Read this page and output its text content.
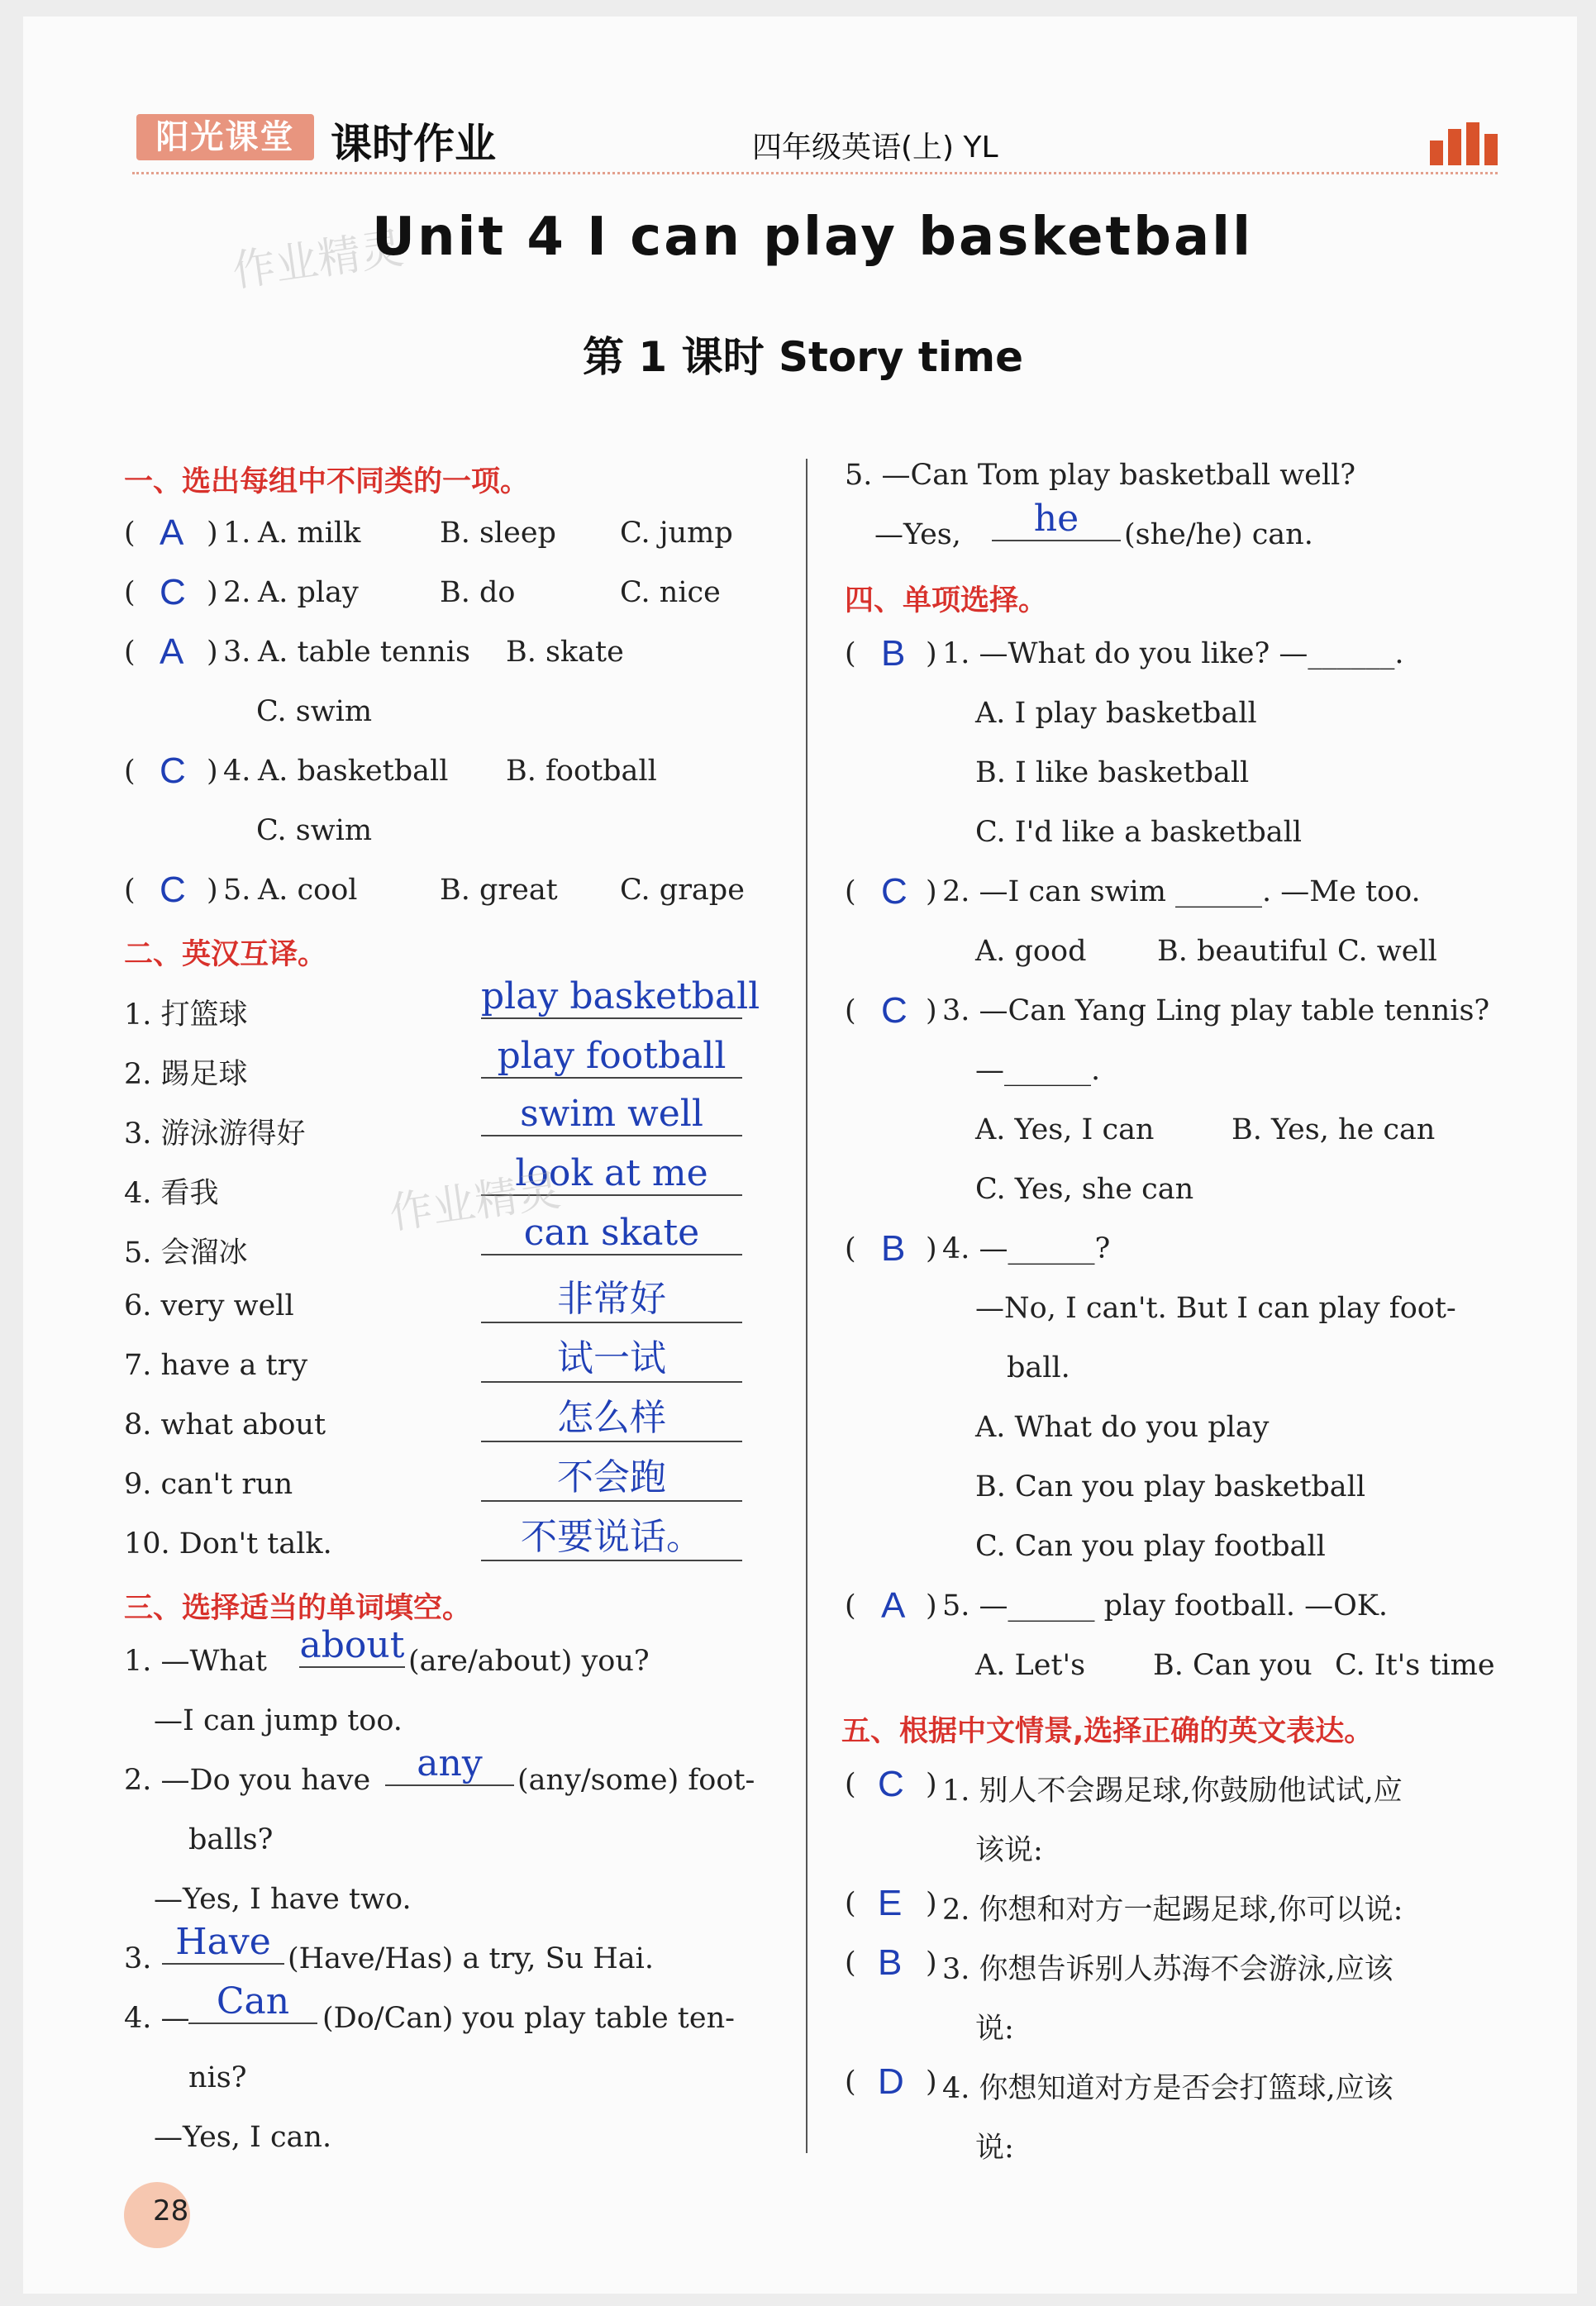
阳光课堂 课时作业	四年级英语(上) YL
作业精灵
Unit 4 I can play basketball
第 1 课时 Story time
一、选出每组中不同类的一项。
( A ) 1. A. milk	B. sleep C. jump
( C ) 2. A. play	B. do	C. nice
( A ) 3. A. table tennis B. skate
C. swim
( C ) 4. A. basketball B. football
C. swim
( C ) 5. A. cool	B. great C. grape
二、英汉互译。
1. 打篮球	play basketball
2. 踢足球	play football
3. 游泳游得好	swim well
4. 看我	look at me
5. 会溜冰	can skate
6. very well	非常好
7. have a try	试一试
8. what about	怎么样
9. can't run	不会跑
10. Don't talk.	不要说话。
作业精灵
三、选择适当的单词填空。
1. —What about (are/about) you?
—I can jump too.
2. —Do you have	any	(any/some) foot-
balls?
—Yes, I have two.
3. Have (Have/Has) a try, Su Hai.
4. — Can	(Do/Can) you play table ten-
nis?
—Yes, I can.
5. —Can Tom play basketball well?
—Yes,	he	(she/he) can.
四、单项选择。
( B ) 1. —What do you like? —______.
A. I play basketball
B. I like basketball
C. I'd like a basketball
( C ) 2. —I can swim ______. —Me too.
A. good B. beautiful C. well
( C ) 3. —Can Yang Ling play table tennis?
—______.
A. Yes, I can	B. Yes, he can
C. Yes, she can
( B ) 4. —______?
—No, I can't. But I can play foot-
ball.
A. What do you play
B. Can you play basketball
C. Can you play football
( A ) 5. —______ play football. —OK.
A. Let's B. Can you C. It's time
五、根据中文情景,选择正确的英文表达。
( C ) 1. 别人不会踢足球,你鼓励他试试,应
该说:
( E ) 2. 你想和对方一起踢足球,你可以说:
( B ) 3. 你想告诉别人苏海不会游泳,应该
说:
( D ) 4. 你想知道对方是否会打篮球,应该
说:
28
